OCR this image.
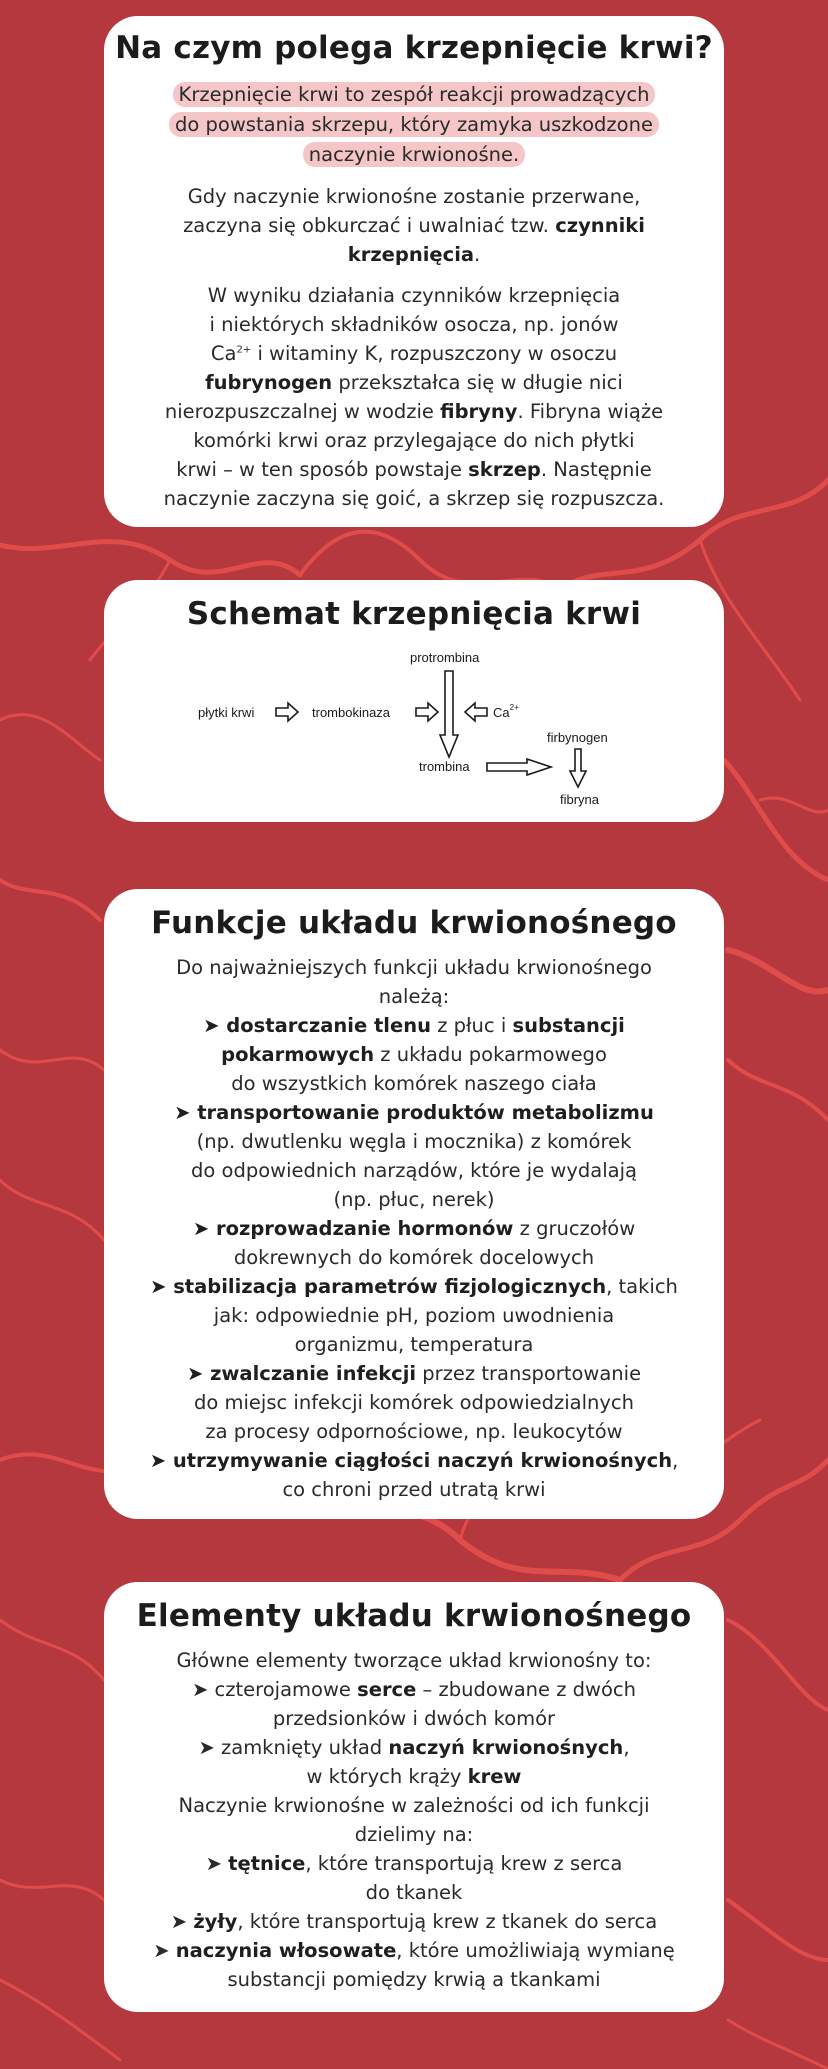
Na czym polega krzepnięcie krwi?

Krzepnięcie krwi to zespół reakcji prowadzących
do powstania skrzepu, który zamyka uszkodzone
naczynie krwionośne.

Gdy naczynie krwionośne zostanie przerwane,
zaczyna się obkurczać i uwalniać tzw. czynniki
krzepnięcia.

W wyniku działania czynników krzepnięcia
i niektórych składników osocza, np. jonów
$Ca^{2+}$ i witaminy K, rozpuszczony w osoczu
fubrynogen przekształca się w długie nici
nierozpuszczalnej w wodzie fibryny. Fibryna wiąże
komórki krwi oraz przylegające do nich płytki
krwi – w ten sposób powstaje skrzep. Następnie
naczynie zaczyna się goić, a skrzep się rozpuszcza.

Schemat krzepnięcia krwi
płytki krwi	trombokinaza
protrombina
$Ca^{2+}$
trombina
firbynogen
fibryna
Funkcje układu krwionośnego

Do najważniejszych funkcji układu krwionośnego
należą:
➤ dostarczanie tlenu z płuc i substancji
pokarmowych z układu pokarmowego
do wszystkich komórek naszego ciała
➤ transportowanie produktów metabolizmu
(np. dwutlenku węgla i mocznika) z komórek
do odpowiednich narządów, które je wydalają
(np. płuc, nerek)
➤ rozprowadzanie hormonów z gruczołów
dokrewnych do komórek docelowych
➤ stabilizacja parametrów fizjologicznych, takich
jak: odpowiednie pH, poziom uwodnienia
organizmu, temperatura
➤ zwalczanie infekcji przez transportowanie
do miejsc infekcji komórek odpowiedzialnych
za procesy odpornościowe, np. leukocytów
➤ utrzymywanie ciągłości naczyń krwionośnych,
co chroni przed utratą krwi

Elementy układu krwionośnego

Główne elementy tworzące układ krwionośny to:
➤ czterojamowe serce – zbudowane z dwóch
przedsionków i dwóch komór
➤ zamknięty układ naczyń krwionośnych,
w których krąży krew
Naczynie krwionośne w zależności od ich funkcji
dzielimy na:
➤ tętnice, które transportują krew z serca
do tkanek
➤ żyły, które transportują krew z tkanek do serca
➤ naczynia włosowate, które umożliwiają wymianę
substancji pomiędzy krwią a tkankami
